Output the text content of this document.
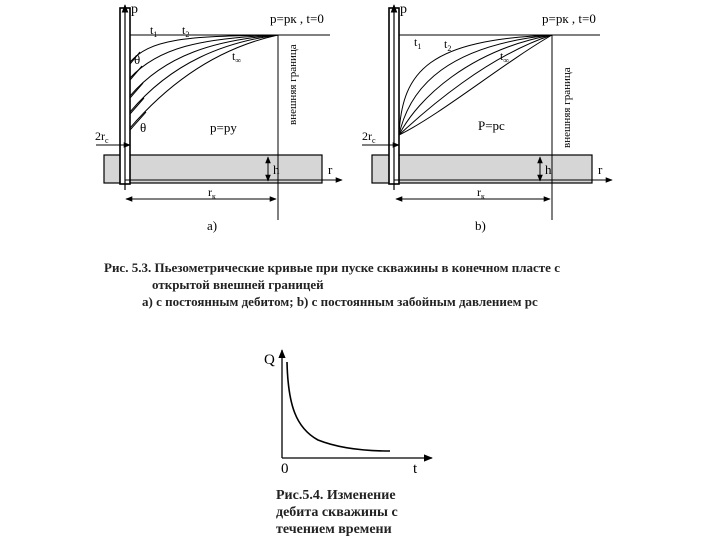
p
p=pк , t=0
$t_1$ $t_2$
$t_\infty$
θ
θ	p=pу
внешняя граница
$2r_c$
h	r
$r_к$
a)
p
p=pк , t=0
$t_1$ $t_2$
$t_\infty$
P=pc	внешняя граница
$2r_c$
h	r
$r_к$
b)
Q
t
0
Рис. 5.3. Пьезометрические кривые при пуске скважины в конечном пласте с
открытой внешней границей
а) с постоянным дебитом; b) с постоянным забойным давлением pс
Рис.5.4. Изменение
дебита скважины с
течением времени
